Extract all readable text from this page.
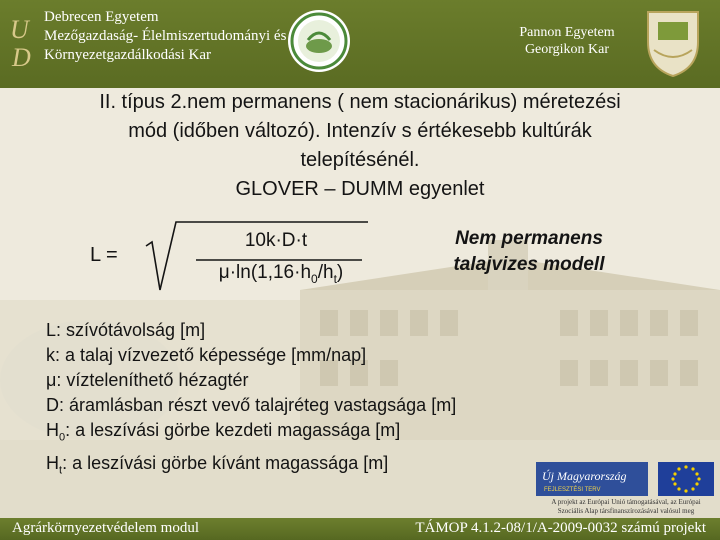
U
D
Debrecen Egyetem
Mezőgazdaság- Élelmiszertudományi és
Környezetgazdálkodási Kar
Pannon Egyetem
Georgikon Kar
II. típus 2.nem permanens ( nem stacionárikus) méretezési
mód (időben változó). Intenzív s értékesebb kultúrák
telepítésénél.
GLOVER – DUMM egyenlet
L =
10k·D·t
$\mu\cdot\ln(1,16\cdot h_0/h_t)$
Nem permanens
talajvizes modell
L: szívótávolság [m]
k: a talaj vízvezető képessége [mm/nap]
μ: vízteleníthető hézagtér
D: áramlásban részt vevő talajréteg vastagsága [m]
$H_0$: a leszívási görbe kezdeti magassága [m]
$H_t$: a leszívási görbe kívánt magassága [m]
Új Magyarország
FEJLESZTÉSI TERV
A projekt az Európai Unió támogatásával, az Európai
Szociális Alap társfinanszírozásával valósul meg
Agrárkörnyezetvédelem modul	TÁMOP 4.1.2-08/1/A-2009-0032 számú projekt
